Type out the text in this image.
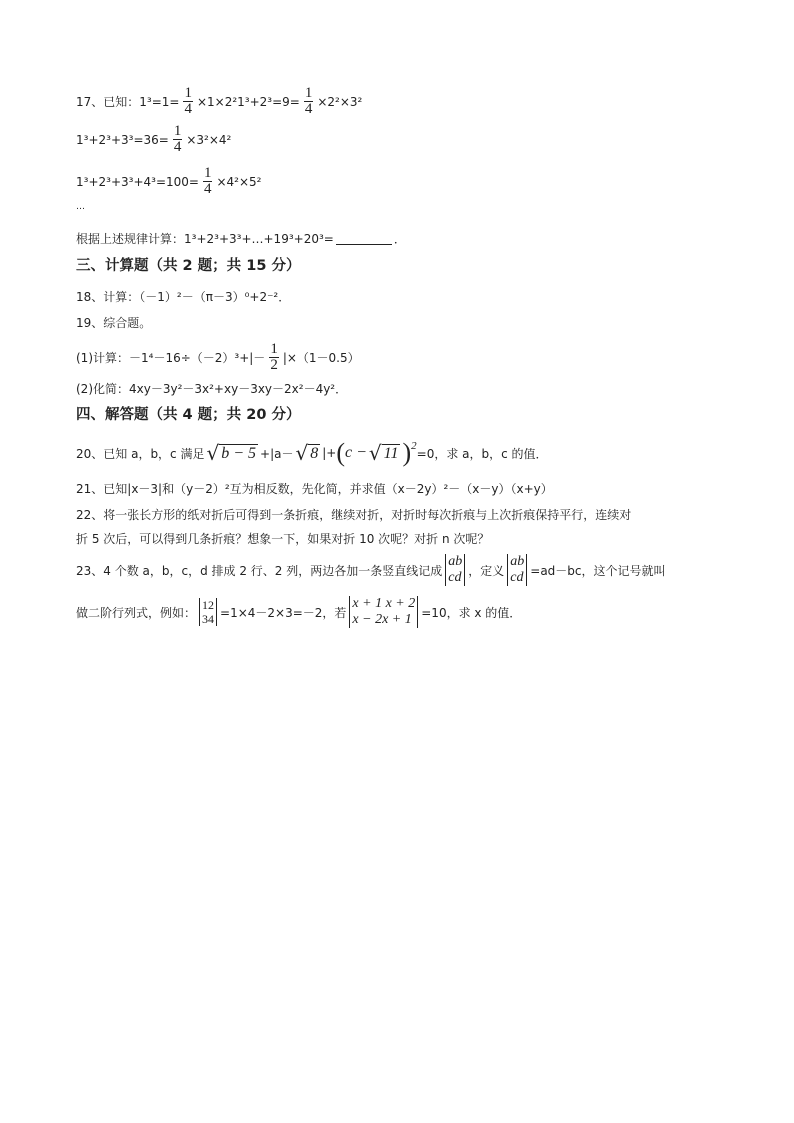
17、已知：$1^3=1= \frac{1}{4} \times 1\times 2^21^3+2^3=9= \frac{1}{4} \times 2^2\times 3^2$
$1^3+2^3+3^3=36= \frac{1}{4} \times 3^2\times 4^2$
$1^3+2^3+3^3+4^3=100= \frac{1}{4} \times 4^2\times 5^2$
…
根据上述规律计算：1³+2³+3³+…+19³+20³=	．
三、计算题（共 2 题；共 15 分）
18、计算：（－1）²－（π－3）⁰+2⁻²．
19、综合题。
(1)计算：$-1^4-16\div(-2)^3+|- \frac{1}{2} |\times(1-0.5)$
(2)化简：4xy－3y²－3x²+xy－3xy－2x²－4y²．
四、解答题（共 4 题；共 20 分）
20、已知 a，b，c 满足 √ b − 5 +|a－ √ 8 |+ ( c − √ 11 ) 2
=0，求 a，b，c 的值．
21、已知|x－3|和（y－2）²互为相反数，先化简，并求值（x－2y）²－（x－y）（x+y）
22、将一张长方形的纸对折后可得到一条折痕，继续对折，对折时每次折痕与上次折痕保持平行，连续对
折 5 次后，可以得到几条折痕？想象一下，如果对折 10 次呢？对折 n 次呢？
23、4 个数 a，b，c，d 排成 2 行、2 列，两边各加一条竖直线记成
ab
cd ，定义
ab
cd =ad－bc，这个记号就叫
做二阶行列式，例如：
12
34 =1×4－2×3=－2，若
x + 1 x + 2
x − 2x + 1 =10，求 x 的值．
